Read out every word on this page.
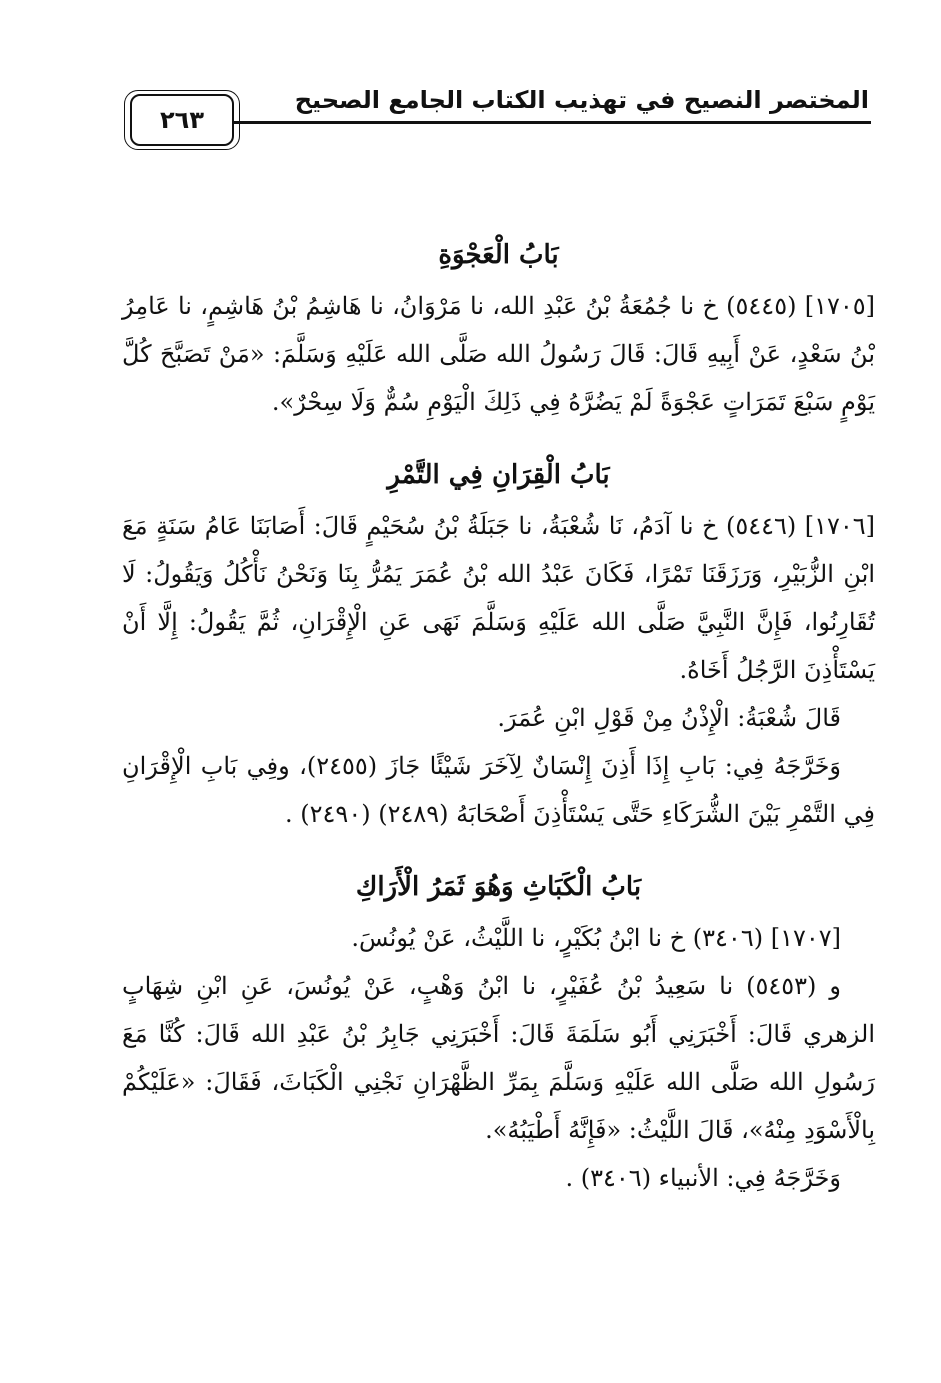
المختصر النصيح في تهذيب الكتاب الجامع الصحيح
٢٦٣
بَابُ الْعَجْوَةِ

[١٧٠٥] (٥٤٤٥) خ نا جُمُعَةُ بْنُ عَبْدِ الله، نا مَرْوَانُ، نا هَاشِمُ بْنُ هَاشِمٍ، نا عَامِرُ بْنُ سَعْدٍ، عَنْ أَبِيهِ قَالَ: قَالَ رَسُولُ الله صَلَّى الله عَلَيْهِ وَسَلَّمَ: «مَنْ تَصَبَّحَ كُلَّ يَوْمٍ سَبْعَ تَمَرَاتٍ عَجْوَةً لَمْ يَضُرَّهُ فِي ذَلِكَ الْيَوْمِ سُمٌّ وَلَا سِحْرٌ».

بَابُ الْقِرَانِ فِي التَّمْرِ

[١٧٠٦] (٥٤٤٦) خ نا آدَمُ، نَا شُعْبَةُ، نا جَبَلَةُ بْنُ سُحَيْمٍ قَالَ: أَصَابَنَا عَامُ سَنَةٍ مَعَ ابْنِ الزُّبَيْرِ، وَرَزَقَنَا تَمْرًا، فَكَانَ عَبْدُ الله بْنُ عُمَرَ يَمُرُّ بِنَا وَنَحْنُ نَأْكُلُ وَيَقُولُ: لَا تُقَارِنُوا، فَإِنَّ النَّبِيَّ صَلَّى الله عَلَيْهِ وَسَلَّمَ نَهَى عَنِ الْإِقْرَانِ، ثُمَّ يَقُولُ: إِلَّا أَنْ يَسْتَأْذِنَ الرَّجُلُ أَخَاهُ.

قَالَ شُعْبَةُ: الْإِذْنُ مِنْ قَوْلِ ابْنِ عُمَرَ.

وَخَرَّجَهُ فِي: بَابِ إِذَا أَذِنَ إِنْسَانٌ لِآخَرَ شَيْئًا جَازَ (٢٤٥٥)، وفِي بَابِ الْإِقْرَانِ فِي التَّمْرِ بَيْنَ الشُّرَكَاءِ حَتَّى يَسْتَأْذِنَ أَصْحَابَهُ (٢٤٨٩) (٢٤٩٠) .

بَابُ الْكَبَاثِ وَهُوَ ثَمَرُ الْأَرَاكِ

[١٧٠٧] (٣٤٠٦) خ نا ابْنُ بُكَيْرٍ، نا اللَّيْثُ، عَنْ يُونُسَ.

و (٥٤٥٣) نا سَعِيدُ بْنُ عُفَيْرٍ، نا ابْنُ وَهْبٍ، عَنْ يُونُسَ، عَنِ ابْنِ شِهَابٍ الزهري قَالَ: أَخْبَرَنِي أَبُو سَلَمَةَ قَالَ: أَخْبَرَنِي جَابِرُ بْنُ عَبْدِ الله قَالَ: كُنَّا مَعَ رَسُولِ الله صَلَّى الله عَلَيْهِ وَسَلَّمَ بِمَرِّ الظَّهْرَانِ نَجْنِي الْكَبَاثَ، فَقَالَ: «عَلَيْكُمْ بِالْأَسْوَدِ مِنْهُ»، قَالَ اللَّيْثُ: «فَإِنَّهُ أَطْيَبُهُ».

وَخَرَّجَهُ فِي: الأنبياء (٣٤٠٦) .
